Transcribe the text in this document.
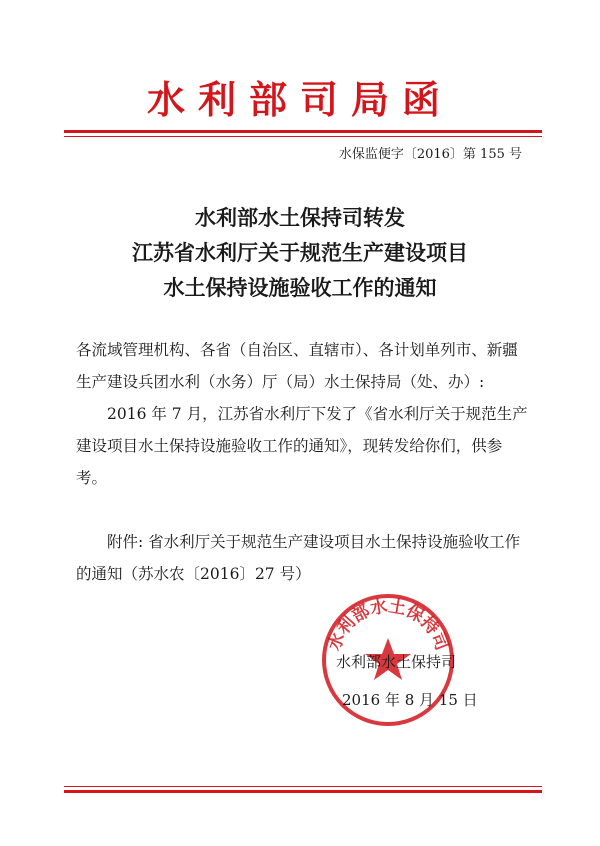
水利部司局函
水保监便字〔2016〕第 155 号
水利部水土保持司转发
江苏省水利厅关于规范生产建设项目
水土保持设施验收工作的通知

各流域管理机构、各省（自治区、直辖市）、各计划单列市、新疆生产建设兵团水利（水务）厅（局）水土保持局（处、办）:

2016 年 7 月，江苏省水利厅下发了《省水利厅关于规范生产建设项目水土保持设施验收工作的通知》，现转发给你们，供参考。

附件: 省水利厅关于规范生产建设项目水土保持设施验收工作的通知（苏水农〔2016〕27 号）

水利部水土保持司
水利部水土保持司
2016 年 8 月 15 日
